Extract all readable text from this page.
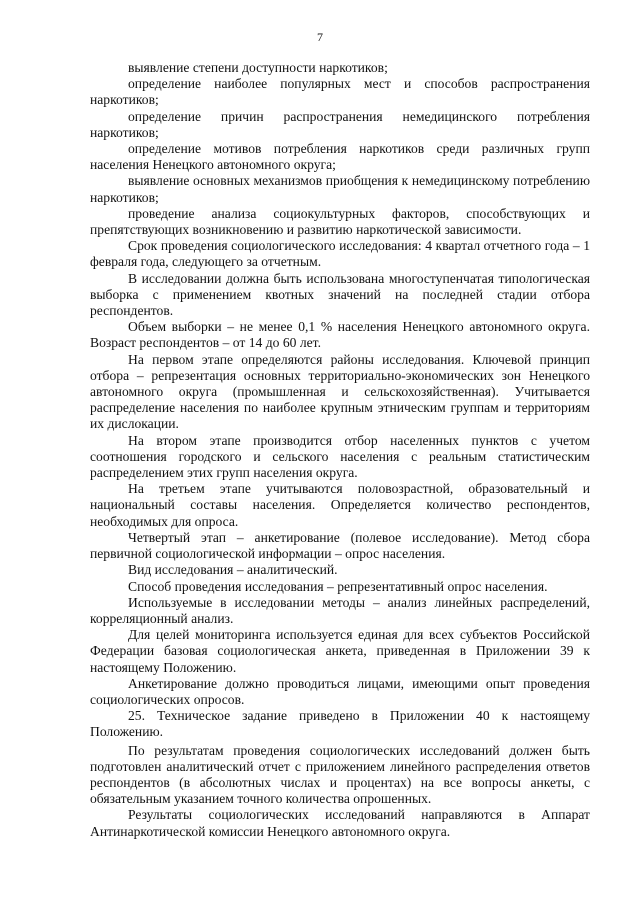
7

выявление степени доступности наркотиков;

определение наиболее популярных мест и способов распространения наркотиков;

определение причин распространения немедицинского потребления наркотиков;

определение мотивов потребления наркотиков среди различных групп населения Ненецкого автономного округа;

выявление основных механизмов приобщения к немедицинскому потреблению наркотиков;

проведение анализа социокультурных факторов, способствующих и препятствующих возникновению и развитию наркотической зависимости.

Срок проведения социологического исследования: 4 квартал отчетного года – 1 февраля года, следующего за отчетным.

В исследовании должна быть использована многоступенчатая типологическая выборка с применением квотных значений на последней стадии отбора респондентов.

Объем выборки – не менее 0,1 % населения Ненецкого автономного округа. Возраст респондентов – от 14 до 60 лет.

На первом этапе определяются районы исследования. Ключевой принцип отбора – репрезентация основных территориально-экономических зон Ненецкого автономного округа (промышленная и сельскохозяйственная). Учитывается распределение населения по наиболее крупным этническим группам и территориям их дислокации.

На втором этапе производится отбор населенных пунктов с учетом соотношения городского и сельского населения с реальным статистическим распределением этих групп населения округа.

На третьем этапе учитываются половозрастной, образовательный и национальный составы населения. Определяется количество респондентов, необходимых для опроса.

Четвертый этап – анкетирование (полевое исследование). Метод сбора первичной социологической информации – опрос населения.

Вид исследования – аналитический.

Способ проведения исследования – репрезентативный опрос населения.

Используемые в исследовании методы – анализ линейных распределений, корреляционный анализ.

Для целей мониторинга используется единая для всех субъектов Российской Федерации базовая социологическая анкета, приведенная в Приложении 39 к настоящему Положению.

Анкетирование должно проводиться лицами, имеющими опыт проведения социологических опросов.

25. Техническое задание приведено в Приложении 40 к настоящему Положению.

По результатам проведения социологических исследований должен быть подготовлен аналитический отчет с приложением линейного распределения ответов респондентов (в абсолютных числах и процентах) на все вопросы анкеты, с обязательным указанием точного количества опрошенных.

Результаты социологических исследований направляются в Аппарат Антинаркотической комиссии Ненецкого автономного округа.
